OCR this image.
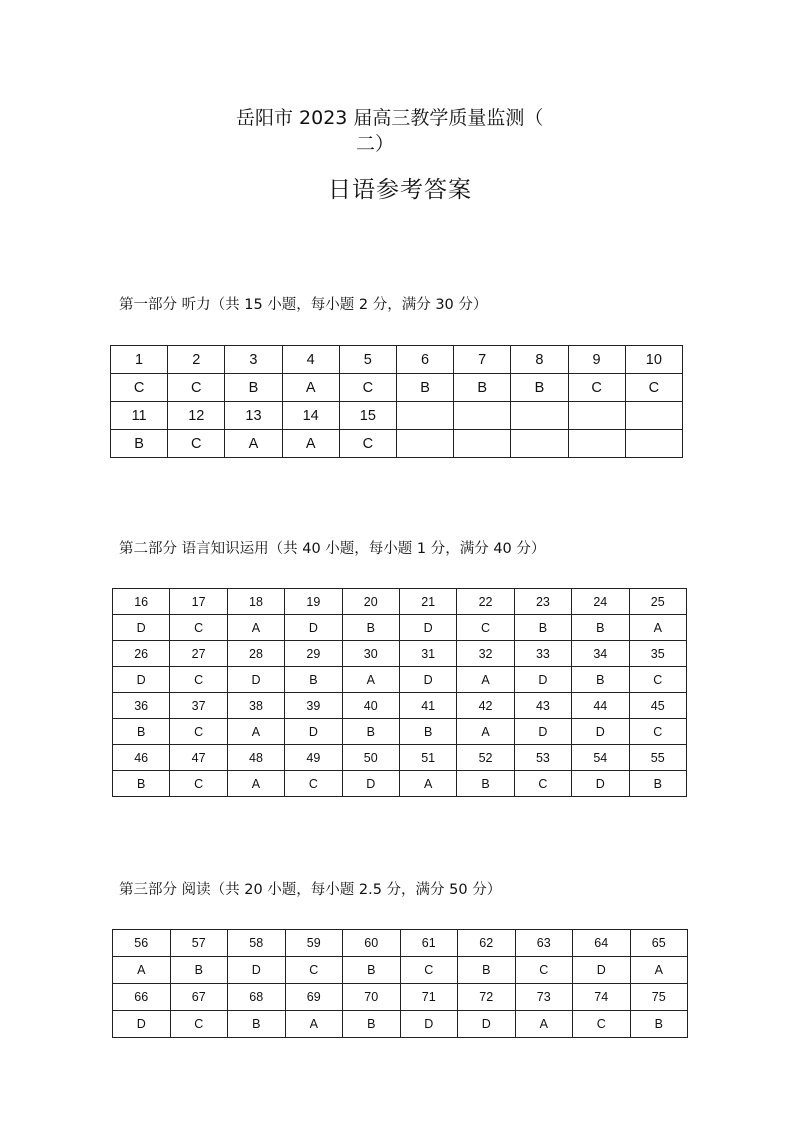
岳阳市 2023 届高三教学质量监测（
二）
日语参考答案
第一部分 听力（共 15 小题，每小题 2 分，满分 30 分）
1	2	3	4	5	6	7	8	9	10
C	C	B	A	C	B	B	B	C	C
11	12	13	14	15					
B	C	A	A	C					
第二部分 语言知识运用（共 40 小题，每小题 1 分，满分 40 分）
16	17	18	19	20	21	22	23	24	25
D	C	A	D	B	D	C	B	B	A
26	27	28	29	30	31	32	33	34	35
D	C	D	B	A	D	A	D	B	C
36	37	38	39	40	41	42	43	44	45
B	C	A	D	B	B	A	D	D	C
46	47	48	49	50	51	52	53	54	55
B	C	A	C	D	A	B	C	D	B
第三部分 阅读（共 20 小题，每小题 2.5 分，满分 50 分）
56	57	58	59	60	61	62	63	64	65
A	B	D	C	B	C	B	C	D	A
66	67	68	69	70	71	72	73	74	75
D	C	B	A	B	D	D	A	C	B
